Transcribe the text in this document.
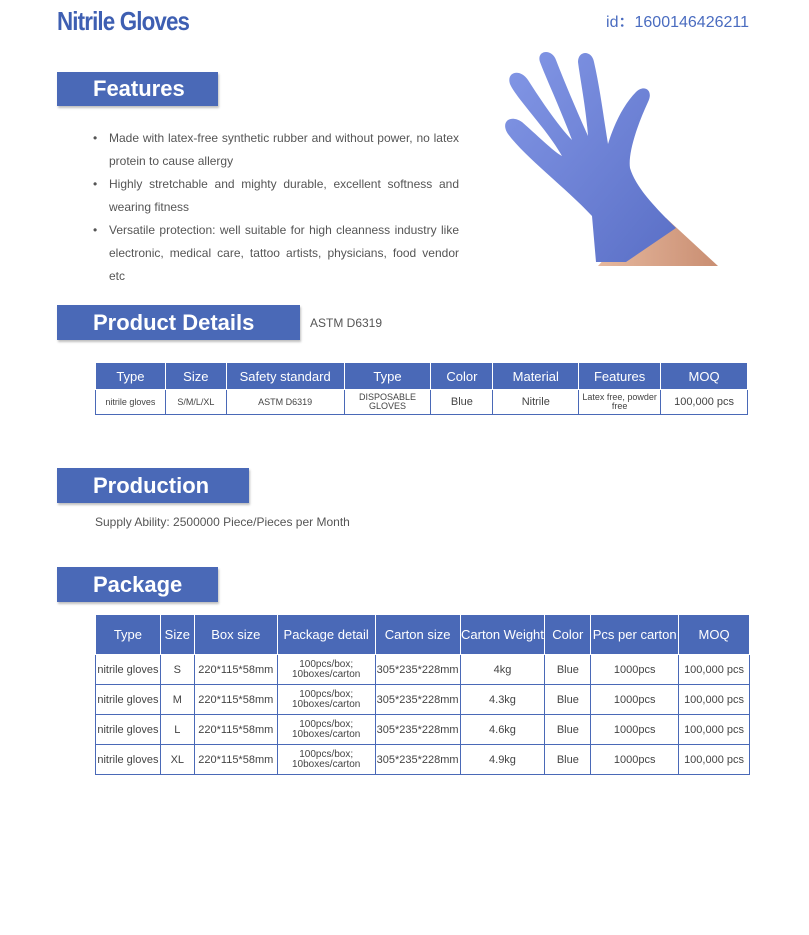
Nitrile Gloves	id：1600146426211
Features
• Made with latex-free synthetic rubber and without power, no latex protein to cause allergy
• Highly stretchable and mighty durable, excellent softness and wearing fitness
• Versatile protection: well suitable for high cleanness industry like electronic, medical care, tattoo artists, physicians, food vendor etc
Product Details	ASTM D6319
Type	Size	Safety standard	Type	Color	Material	Features	MOQ
nitrile gloves	S/M/L/XL	ASTM D6319	DISPOSABLE GLOVES	Blue	Nitrile	Latex free, powder free	100,000 pcs
Production
Supply Ability: 2500000 Piece/Pieces per Month
Package
Type	Size	Box size	Package detail	Carton size	Carton Weight	Color	Pcs per carton	MOQ
nitrile gloves	S	220*115*58mm	100pcs/box; 10boxes/carton	305*235*228mm	4kg	Blue	1000pcs	100,000 pcs
nitrile gloves	M	220*115*58mm	100pcs/box; 10boxes/carton	305*235*228mm	4.3kg	Blue	1000pcs	100,000 pcs
nitrile gloves	L	220*115*58mm	100pcs/box; 10boxes/carton	305*235*228mm	4.6kg	Blue	1000pcs	100,000 pcs
nitrile gloves	XL	220*115*58mm	100pcs/box; 10boxes/carton	305*235*228mm	4.9kg	Blue	1000pcs	100,000 pcs
